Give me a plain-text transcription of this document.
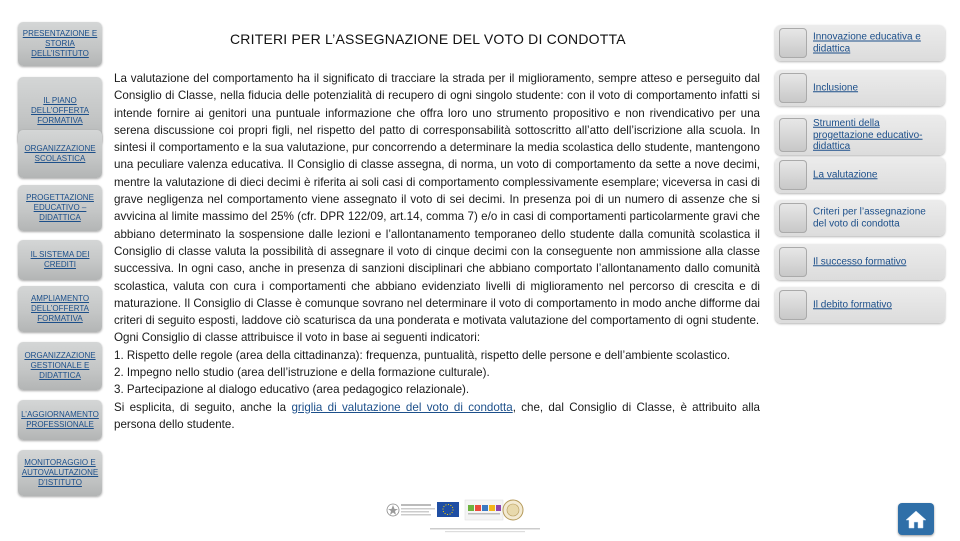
PRESENTAZIONE E STORIA DELL’ISTITUTO
IL PIANO DELL’OFFERTA FORMATIVA
ORGANIZZAZIONE SCOLASTICA
PROGETTAZIONE EDUCATIVO – DIDATTICA
IL SISTEMA DEI CREDITI
AMPLIAMENTO DELL’OFFERTA FORMATIVA
ORGANIZZAZIONE GESTIONALE E DIDATTICA
L’AGGIORNAMENTO PROFESSIONALE
MONITORAGGIO E AUTOVALUTAZIONE D’ISTITUTO
CRITERI PER L’ASSEGNAZIONE DEL VOTO DI CONDOTTA

La valutazione del comportamento ha il significato di tracciare la strada per il miglioramento, sempre atteso e perseguito dal Consiglio di Classe, nella fiducia delle potenzialità di recupero di ogni singolo studente: con il voto di comportamento infatti si intende fornire ai genitori una puntuale informazione che offra loro uno strumento propositivo e non rivendicativo per una serena discussione coi propri figli, nel rispetto del patto di corresponsabilità sottoscritto all’atto dell’iscrizione alla scuola. In sintesi il comportamento e la sua valutazione, pur concorrendo a determinare la media scolastica dello studente, mantengono una peculiare valenza educativa. Il Consiglio di classe assegna, di norma, un voto di comportamento da sette a nove decimi, mentre la valutazione di dieci decimi è riferita ai soli casi di comportamento complessivamente esemplare; viceversa in casi di grave negligenza nel comportamento viene assegnato il voto di sei decimi. In presenza poi di un numero di assenze che si avvicina al limite massimo del 25% (cfr. DPR 122/09, art.14, comma 7) e/o in casi di comportamenti particolarmente gravi che abbiano determinato la sospensione dalle lezioni e l’allontanamento temporaneo dello studente dalla comunità scolastica il Consiglio di classe valuta la possibilità di assegnare il voto di cinque decimi con la conseguente non ammissione alla classe successiva. In ogni caso, anche in presenza di sanzioni disciplinari che abbiano comportato l’allontanamento dallo comunità scolastica, valuta con cura i comportamenti che abbiano evidenziato livelli di miglioramento nel percorso di crescita e di maturazione. Il Consiglio di Classe è comunque sovrano nel determinare il voto di comportamento in modo anche difforme dai criteri di seguito esposti, laddove ciò scaturisca da una ponderata e motivata valutazione del comportamento di ogni studente.

Ogni Consiglio di classe attribuisce il voto in base ai seguenti indicatori:

1. Rispetto delle regole (area della cittadinanza): frequenza, puntualità, rispetto delle persone e dell’ambiente scolastico.

2. Impegno nello studio (area dell’istruzione e della formazione culturale).

3. Partecipazione al dialogo educativo (area pedagogico relazionale).

Si esplicita, di seguito, anche la griglia di valutazione del voto di condotta, che, dal Consiglio di Classe, è attribuito alla persona dello studente.

Innovazione educativa e didattica
Inclusione
Strumenti della progettazione educativo-didattica
La valutazione
Criteri per l’assegnazione del voto di condotta
Il successo formativo
Il debito formativo
